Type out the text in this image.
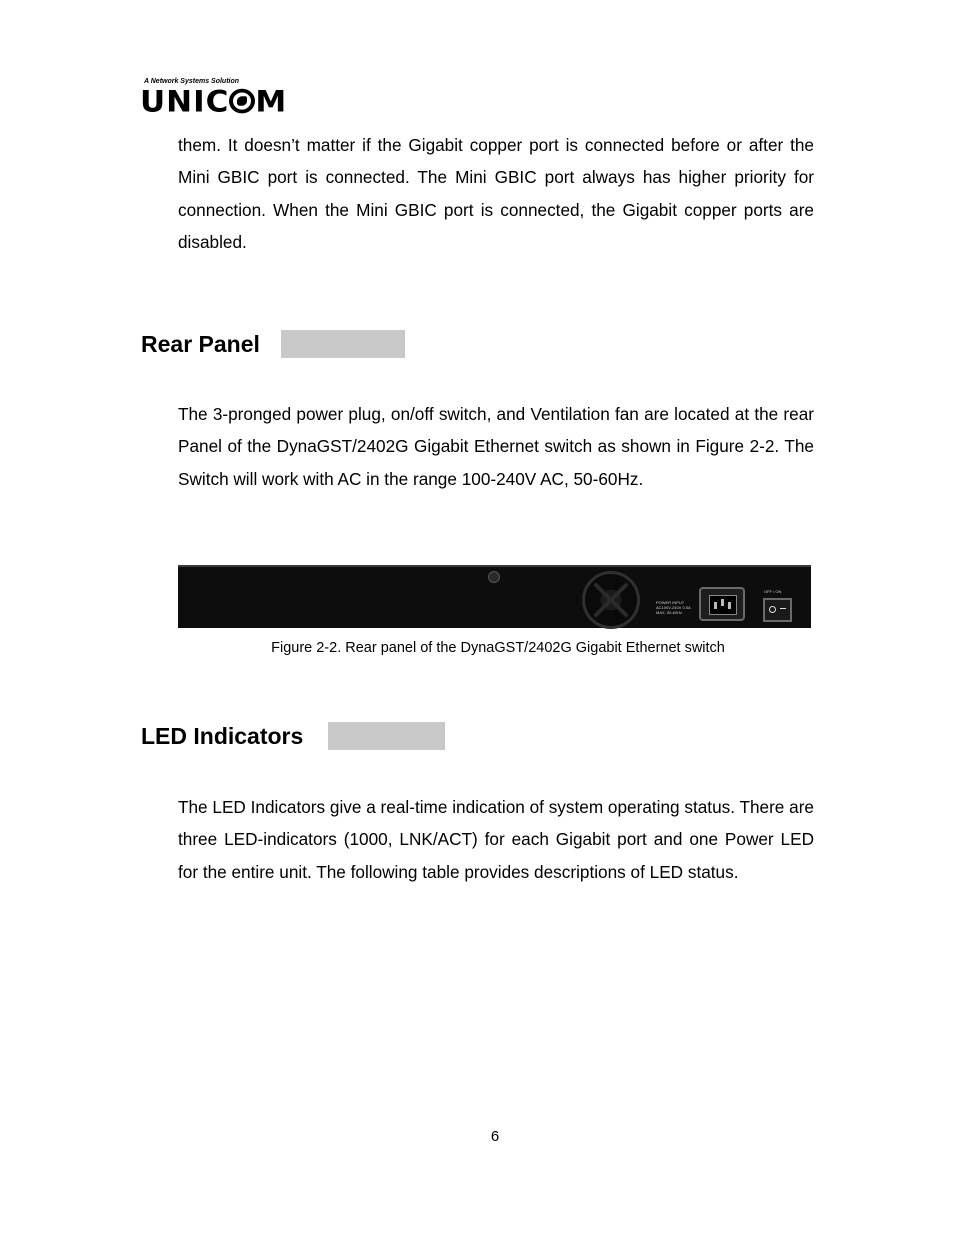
A Network Systems Solution
UNIC M

them. It doesn’t matter if the Gigabit copper port is connected before or after the Mini GBIC port is connected. The Mini GBIC port always has higher priority for connection. When the Mini GBIC port is connected, the Gigabit copper ports are disabled.

Rear Panel

The 3-pronged power plug, on/off switch, and Ventilation fan are located at the rear Panel of the DynaGST/2402G Gigabit Ethernet switch as shown in Figure 2-2. The Switch will work with AC in the range 100-240V AC, 50-60Hz.

POWER INPUT AC100V-240V 0.5A MAX, 50-60Hz
OFF / ON

Figure 2-2. Rear panel of the DynaGST/2402G Gigabit Ethernet switch

LED Indicators

The LED Indicators give a real-time indication of system operating status. There are three LED-indicators (1000, LNK/ACT) for each Gigabit port and one Power LED for the entire unit. The following table provides descriptions of LED status.

6
